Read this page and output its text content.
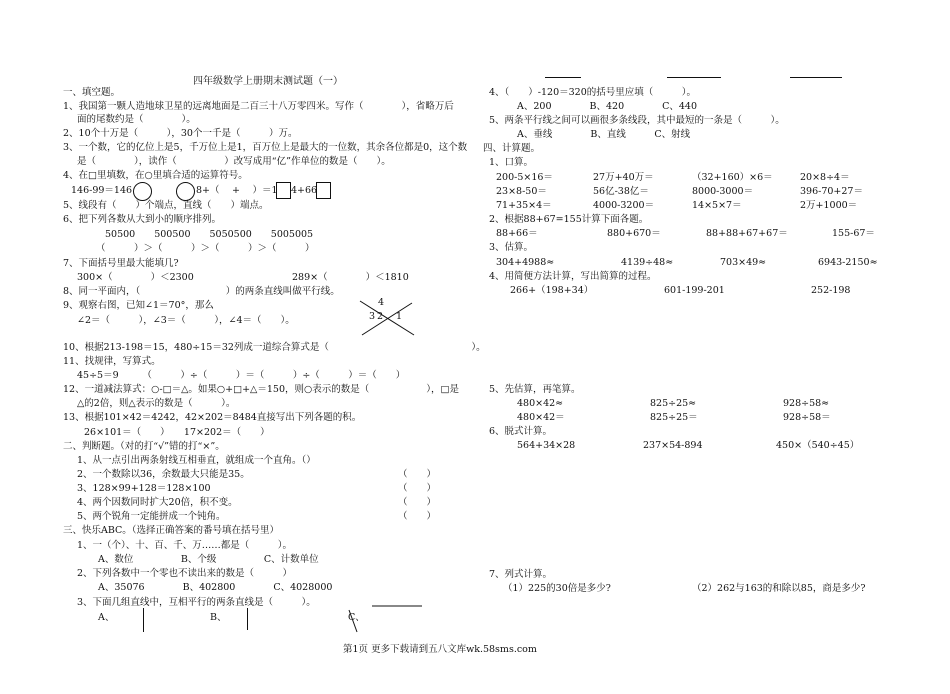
四年级数学上册期末测试题（一）
第1页 更多下载请到五八文库wk.58sms.com
一、填空题。
1、我国第一颗人造地球卫星的远离地面是二百三十八万零四米。写作（　　　　），省略万后
面的尾数约是（　　　　）。
2、10个十万是（　　　），30个一千是（　　　）万。
3、一个数，它的亿位上是5，千万位上是1，百万位上是最大的一位数，其余各位都是0，这个数
是（　　　　），读作（　　　　　）改写成用“亿”作单位的数是（　　）。
4、在□里填数，在○里填合适的运算符号。
146-99＝146	8+（　 +　 ）＝1 4+66
5、线段有（　　）个端点，直线（　　）端点。
6、把下列各数从大到小的顺序排列。
50500　　500500　　5050500　　5005005
（　　　）＞（　　　）＞（　　　）＞（　　　）
7、下面括号里最大能填几?
300×（　　　　）＜2300	289×（　　　　）＜1810
8、同一平面内，（　　　　　　　　　）的两条直线叫做平行线。
9、观察右图，已知∠1＝70°，那么
∠2＝（　　　），∠3＝（　　　），∠4＝（　　）。
4
3 2 1
10、根据213-198＝15，480÷15＝32列成一道综合算式是（　　　　　　　　　　　　　　　）。
11、找规律，写算式。
45÷5＝9　　　（　　　）÷（　　　）＝（　　　）÷（　　　）＝（　　）
12、一道减法算式：○-□＝△。如果○+□+△＝150，则○表示的数是（　　　　　　），□是
△的2倍，则△表示的数是（　　　）。
13、根据101×42＝4242，42×202＝8484直接写出下列各题的积。
26×101＝（　　）　　17×202＝（　　）
二、判断题。（对的打“√”错的打“×”。
1、从一点引出两条射线互相垂直，就组成一个直角。（）
2、一个数除以36，余数最大只能是35。	（　　）
3、128×99+128＝128×100	（　　）
4、两个因数同时扩大20倍，积不变。	（　　）
5、两个锐角一定能拼成一个钝角。	（　　）
三、快乐ABC。（选择正确答案的番号填在括号里）
1、一（个）、十、百、千、万……都是（　　　）。
A、数位　　　　　B、个级　　　　　C、计数单位
2、下列各数中一个零也不读出来的数是（　　　）
A、35076　　　　B、402800　　　　C、4028000
3、下面几组直线中，互相平行的两条直线是（　　　）。
A、	B、	C、
4、（　　）-120＝320的括号里应填（　　　）。
A、200　　　　B、420　　　　C、440
5、两条平行线之间可以画很多条线段，其中最短的一条是（　　　）。
A、垂线　　　　B、直线　　　C、射线
四、计算题。
1、口算。
200-5×16＝	27万+40万＝	（32+160）×6＝	20×8÷4＝
23×8-50＝	56亿-38亿＝	8000-3000＝	396-70+27＝
71+35×4＝	4000-3200＝	14×5×7＝	2万+1000＝
2、根据88+67=155计算下面各题。
88+66＝	880+670＝	88+88+67+67＝	155-67＝
3、估算。
304+4988≈	4139÷48≈	703×49≈	6943-2150≈
4、用简便方法计算，写出简算的过程。
266+（198+34）	601-199-201	252-198
5、先估算，再笔算。
480×42≈	825÷25≈	928÷58≈
480×42＝	825÷25＝	928÷58＝
6、脱式计算。
564+34×28	237×54-894	450×（540÷45）
7、列式计算。
（1）225的30倍是多少?	（2）262与163的和除以85，商是多少?
